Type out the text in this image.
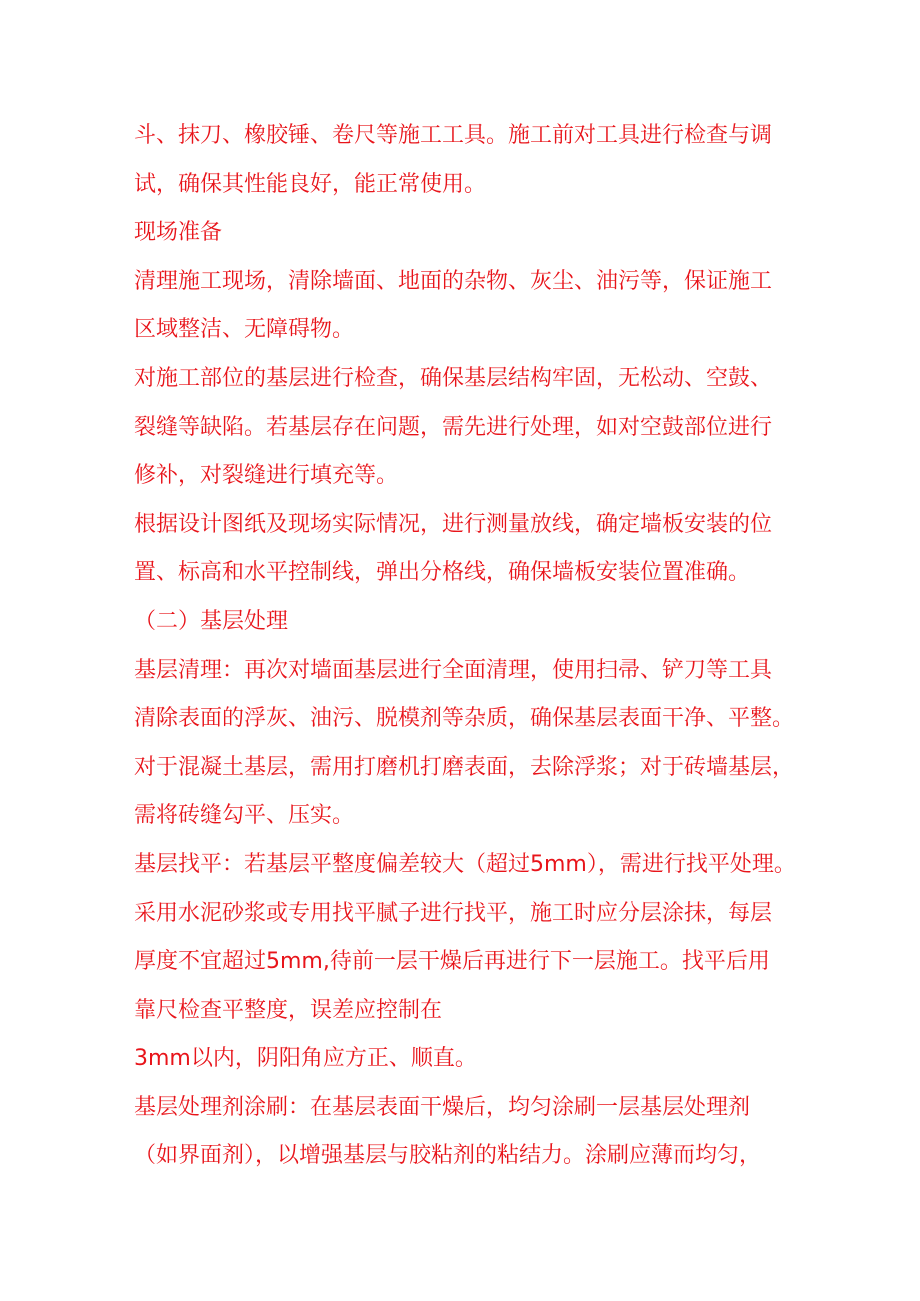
斗、抹刀、橡胶锤、卷尺等施工工具。施工前对工具进行检查与调
试，确保其性能良好，能正常使用。
现场准备
清理施工现场，清除墙面、地面的杂物、灰尘、油污等，保证施工
区域整洁、无障碍物。
对施工部位的基层进行检查，确保基层结构牢固，无松动、空鼓、
裂缝等缺陷。若基层存在问题，需先进行处理，如对空鼓部位进行
修补，对裂缝进行填充等。
根据设计图纸及现场实际情况，进行测量放线，确定墙板安装的位
置、标高和水平控制线，弹出分格线，确保墙板安装位置准确。
（二）基层处理
基层清理：再次对墙面基层进行全面清理，使用扫帚、铲刀等工具
清除表面的浮灰、油污、脱模剂等杂质，确保基层表面干净、平整。
对于混凝土基层，需用打磨机打磨表面，去除浮浆；对于砖墙基层，
需将砖缝勾平、压实。
基层找平：若基层平整度偏差较大（超过5mm），需进行找平处理。
采用水泥砂浆或专用找平腻子进行找平，施工时应分层涂抹，每层
厚度不宜超过5mm,待前一层干燥后再进行下一层施工。找平后用
靠尺检查平整度，误差应控制在
3mm以内，阴阳角应方正、顺直。
基层处理剂涂刷：在基层表面干燥后，均匀涂刷一层基层处理剂
（如界面剂），以增强基层与胶粘剂的粘结力。涂刷应薄而均匀，
